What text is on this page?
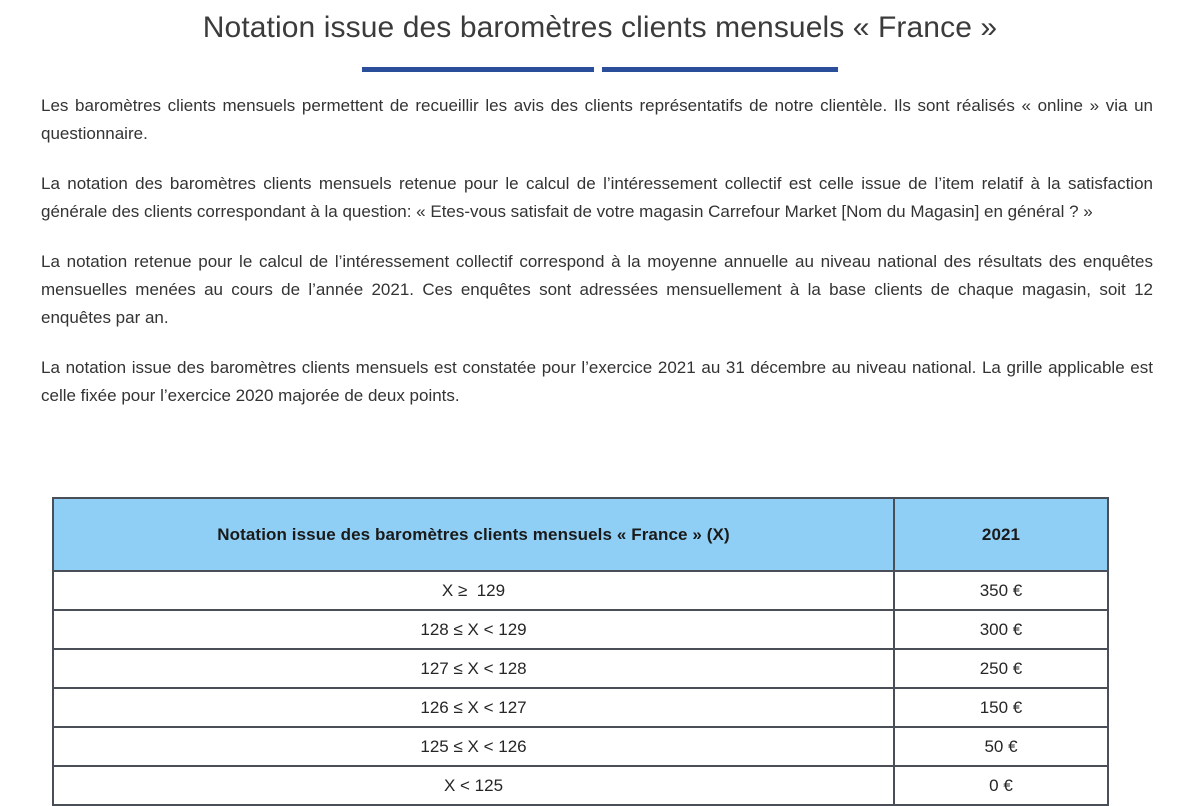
Notation issue des baromètres clients mensuels « France »

Les baromètres clients mensuels permettent de recueillir les avis des clients représentatifs de notre clientèle. Ils sont réalisés « online » via un questionnaire.

La notation des baromètres clients mensuels retenue pour le calcul de l’intéressement collectif est celle issue de l’item relatif à la satisfaction générale des clients correspondant à la question: « Etes-vous satisfait de votre magasin Carrefour Market [Nom du Magasin] en général ? »

La notation retenue pour le calcul de l’intéressement collectif correspond à la moyenne annuelle au niveau national des résultats des enquêtes mensuelles menées au cours de l’année 2021. Ces enquêtes sont adressées mensuellement à la base clients de chaque magasin, soit 12 enquêtes par an.

La notation issue des baromètres clients mensuels est constatée pour l’exercice 2021 au 31 décembre au niveau national. La grille applicable est celle fixée pour l’exercice 2020 majorée de deux points.

Notation issue des baromètres clients mensuels « France » (X)	2021
X ≥  129	350 €
128 ≤ X < 129	300 €
127 ≤ X < 128	250 €
126 ≤ X < 127	150 €
125 ≤ X < 126	50 €
X < 125	0 €
